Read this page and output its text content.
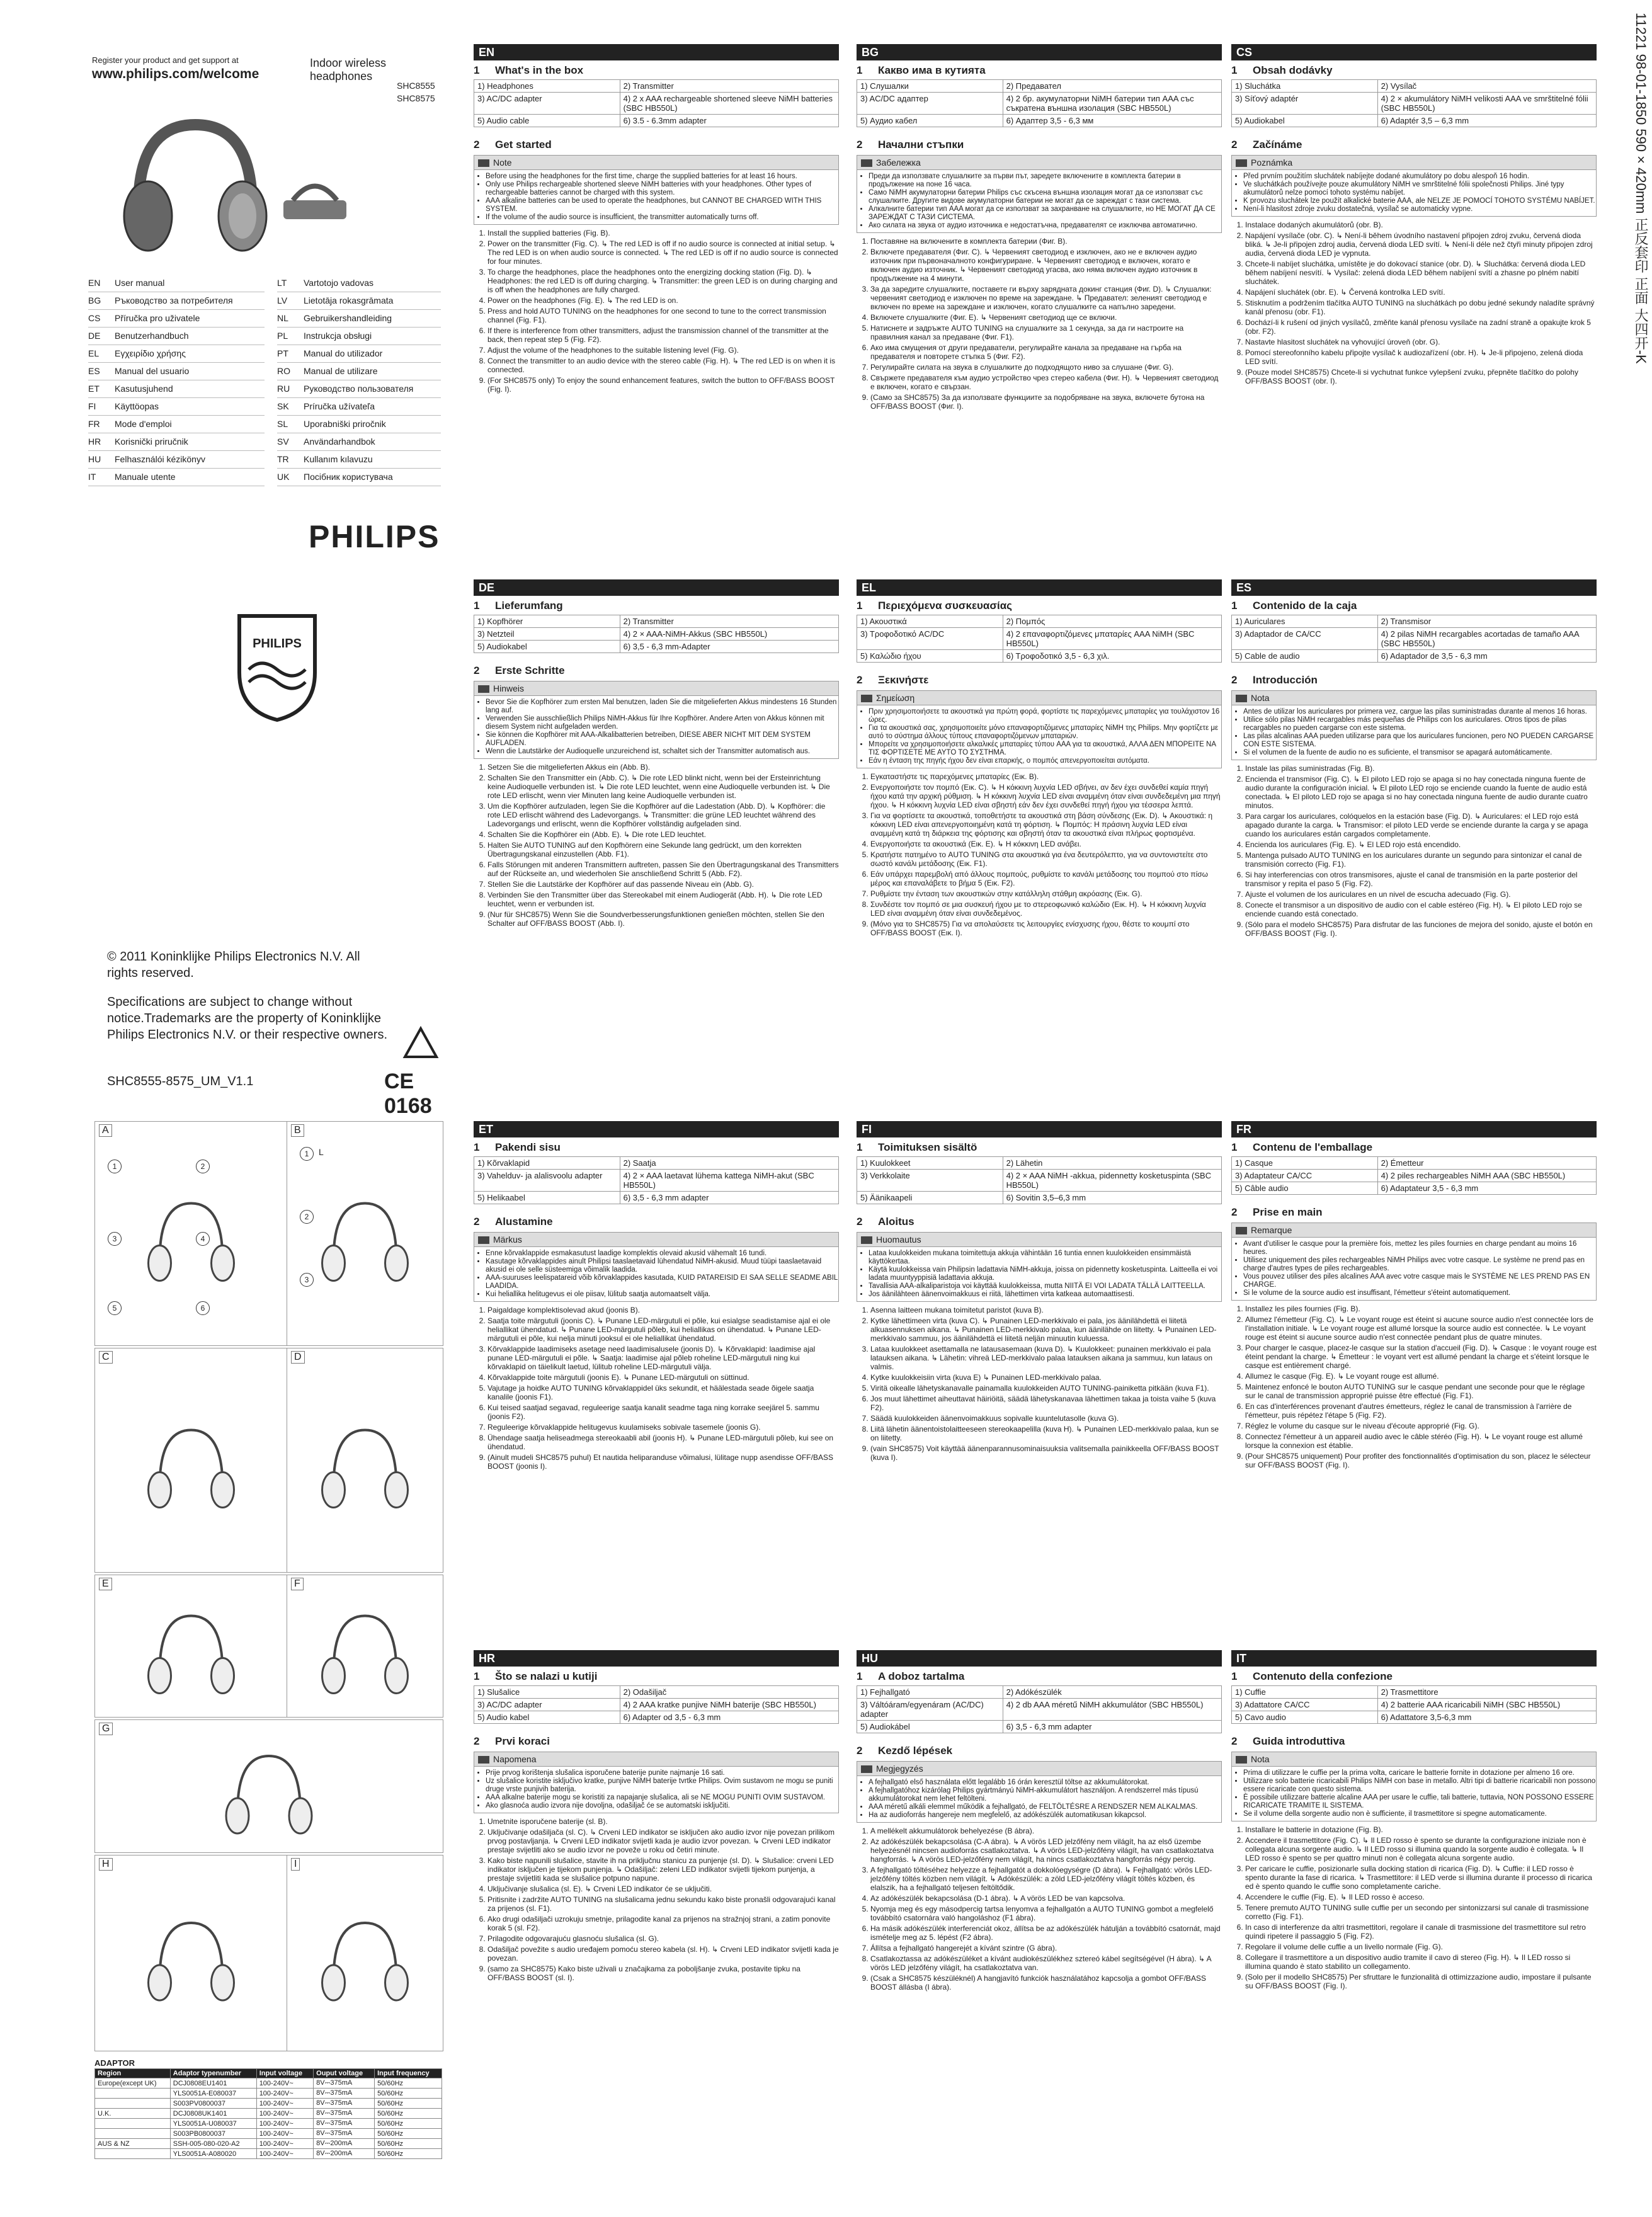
Register your product and get support at
www.philips.com/welcome
Indoor wireless headphones
SHC8555
SHC8575
EN User manual
BG Ръководство за потребителя
CS Příručka pro uživatele
DE Benutzerhandbuch
EL Εγχειρίδιο χρήσης
ES Manual del usuario
ET Kasutusjuhend
FI Käyttöopas
FR Mode d'emploi
HR Korisnički priručnik
HU Felhasználói kézikönyv
IT Manuale utente
LT Vartotojo vadovas
LV Lietotāja rokasgrāmata
NL Gebruikershandleiding
PL Instrukcja obsługi
PT Manual do utilizador
RO Manual de utilizare
RU Руководство пользователя
SK Príručka užívateľa
SL Uporabniški priročnik
SV Användarhandbok
TR Kullanım kılavuzu
UK Посібник користувача
PHILIPS
PHILIPS
© 2011 Koninklijke Philips Electronics N.V. All rights reserved.
Specifications are subject to change without notice.Trademarks are the property of Koninklijke Philips Electronics N.V. or their respective owners.
SHC8555-8575_UM_V1.1	CE 0168
11221 98-01-1850 590×420mm 正反套印 正面 大四开-K
A
1	2
3	4
5	6
B
1
2
3
L
C	D
E	F
G
H	I
ADAPTOR
Region	Adaptor typenumber	Input voltage	Ouput voltage	Input frequency
Europe(except UK)	DCJ0808EU1401	100-240V~	8V⎓375mA	50/60Hz
	YLS0051A-E080037	100-240V~	8V⎓375mA	50/60Hz
	S003PV0800037	100-240V~	8V⎓375mA	50/60Hz
U.K.	DCJ0808UK1401	100-240V~	8V⎓375mA	50/60Hz
	YLS0051A-U080037	100-240V~	8V⎓375mA	50/60Hz
	S003PB0800037	100-240V~	8V⎓375mA	50/60Hz
AUS & NZ	SSH-005-080-020-A2	100-240V~	8V⎓200mA	50/60Hz
	YLS0051A-A080020	100-240V~	8V⎓200mA	50/60Hz
EN
1 What's in the box
1) Headphones	2) Transmitter
3) AC/DC adapter	4) 2 x AAA rechargeable shortened sleeve NiMH batteries (SBC HB550L)
5) Audio cable	6) 3.5 - 6.3mm adapter
2 Get started
Note
• Before using the headphones for the first time, charge the supplied batteries for at least 16 hours.
• Only use Philips rechargeable shortened sleeve NiMH batteries with your headphones. Other types of rechargeable batteries cannot be charged with this system.
• AAA alkaline batteries can be used to operate the headphones, but CANNOT BE CHARGED WITH THIS SYSTEM.
• If the volume of the audio source is insufficient, the transmitter automatically turns off.
1. Install the supplied batteries (Fig. B).
2. Power on the transmitter (Fig. C). ↳ The red LED is off if no audio source is connected at initial setup. ↳ The red LED is on when audio source is connected. ↳ The red LED is off if no audio source is connected for four minutes.
3. To charge the headphones, place the headphones onto the energizing docking station (Fig. D). ↳ Headphones: the red LED is off during charging. ↳ Transmitter: the green LED is on during charging and is off when the headphones are fully charged.
4. Power on the headphones (Fig. E). ↳ The red LED is on.
5. Press and hold AUTO TUNING on the headphones for one second to tune to the correct transmission channel (Fig. F1).
6. If there is interference from other transmitters, adjust the transmission channel of the transmitter at the back, then repeat step 5 (Fig. F2).
7. Adjust the volume of the headphones to the suitable listening level (Fig. G).
8. Connect the transmitter to an audio device with the stereo cable (Fig. H). ↳ The red LED is on when it is connected.
9. (For SHC8575 only) To enjoy the sound enhancement features, switch the button to OFF/BASS BOOST (Fig. I).
BG
1 Какво има в кутията
1) Слушалки	2) Предавател
3) AC/DC адаптер	4) 2 бр. акумулаторни NiMH батерии тип AAA със съкратена външна изолация (SBC HB550L)
5) Аудио кабел	6) Адаптер 3,5 - 6,3 мм
2 Начални стъпки
Забележка
• Преди да използвате слушалките за първи път, заредете включените в комплекта батерии в продължение на поне 16 часа.
• Само NiMH акумулаторни батерии Philips със скъсена външна изолация могат да се използват със слушалките. Другите видове акумулаторни батерии не могат да се зареждат с тази система.
• Алкалните батерии тип AAA могат да се използват за захранване на слушалките, но НЕ МОГАТ ДА СЕ ЗАРЕЖДАТ С ТАЗИ СИСТЕМА.
• Ако силата на звука от аудио източника е недостатъчна, предавателят се изключва автоматично.
1. Поставяне на включените в комплекта батерии (Фиг. B).
2. Включете предавателя (Фиг. C). ↳ Червеният светодиод е изключен, ако не е включен аудио източник при първоначалното конфигуриране. ↳ Червеният светодиод е включен, когато е включен аудио източник. ↳ Червеният светодиод угасва, ако няма включен аудио източник в продължение на 4 минути.
3. За да заредите слушалките, поставете ги върху зарядната докинг станция (Фиг. D). ↳ Слушалки: червеният светодиод е изключен по време на зареждане. ↳ Предавател: зеленият светодиод е включен по време на зареждане и изключен, когато слушалките са напълно заредени.
4. Включете слушалките (Фиг. E). ↳ Червеният светодиод ще се включи.
5. Натиснете и задръжте AUTO TUNING на слушалките за 1 секунда, за да ги настроите на правилния канал за предаване (Фиг. F1).
6. Ако има смущения от други предаватели, регулирайте канала за предаване на гърба на предавателя и повторете стъпка 5 (Фиг. F2).
7. Регулирайте силата на звука в слушалките до подходящото ниво за слушане (Фиг. G).
8. Свържете предавателя към аудио устройство чрез стерео кабела (Фиг. H). ↳ Червеният светодиод е включен, когато е свързан.
9. (Само за SHC8575) За да използвате функциите за подобряване на звука, включете бутона на OFF/BASS BOOST (Фиг. I).
CS
1 Obsah dodávky
1) Sluchátka	2) Vysílač
3) Síťový adaptér	4) 2 × akumulátory NiMH velikosti AAA ve smrštitelné fólii (SBC HB550L)
5) Audiokabel	6) Adaptér 3,5 – 6,3 mm
2 Začínáme
Poznámka
• Před prvním použitím sluchátek nabíjejte dodané akumulátory po dobu alespoň 16 hodin.
• Ve sluchátkách používejte pouze akumulátory NiMH ve smrštitelné fólii společnosti Philips. Jiné typy akumulátorů nelze pomocí tohoto systému nabíjet.
• K provozu sluchátek lze použít alkalické baterie AAA, ale NELZE JE POMOCÍ TOHOTO SYSTÉMU NABÍJET.
• Není-li hlasitost zdroje zvuku dostatečná, vysílač se automaticky vypne.
1. Instalace dodaných akumulátorů (obr. B).
2. Napájení vysílače (obr. C). ↳ Není-li během úvodního nastavení připojen zdroj zvuku, červená dioda bliká. ↳ Je-li připojen zdroj audia, červená dioda LED svítí. ↳ Není-li déle než čtyři minuty připojen zdroj audia, červená dioda LED je vypnuta.
3. Chcete-li nabíjet sluchátka, umístěte je do dokovací stanice (obr. D). ↳ Sluchátka: červená dioda LED během nabíjení nesvítí. ↳ Vysílač: zelená dioda LED během nabíjení svítí a zhasne po plném nabití sluchátek.
4. Napájení sluchátek (obr. E). ↳ Červená kontrolka LED svítí.
5. Stisknutím a podržením tlačítka AUTO TUNING na sluchátkách po dobu jedné sekundy naladíte správný kanál přenosu (obr. F1).
6. Dochází-li k rušení od jiných vysílačů, změňte kanál přenosu vysílače na zadní straně a opakujte krok 5 (obr. F2).
7. Nastavte hlasitost sluchátek na vyhovující úroveň (obr. G).
8. Pomocí stereofonního kabelu připojte vysílač k audiozařízení (obr. H). ↳ Je-li připojeno, zelená dioda LED svítí.
9. (Pouze model SHC8575) Chcete-li si vychutnat funkce vylepšení zvuku, přepněte tlačítko do polohy OFF/BASS BOOST (obr. I).
DE
1 Lieferumfang
1) Kopfhörer	2) Transmitter
3) Netzteil	4) 2 × AAA-NiMH-Akkus (SBC HB550L)
5) Audiokabel	6) 3,5 - 6,3 mm-Adapter
2 Erste Schritte
Hinweis
• Bevor Sie die Kopfhörer zum ersten Mal benutzen, laden Sie die mitgelieferten Akkus mindestens 16 Stunden lang auf.
• Verwenden Sie ausschließlich Philips NiMH-Akkus für Ihre Kopfhörer. Andere Arten von Akkus können mit diesem System nicht aufgeladen werden.
• Sie können die Kopfhörer mit AAA-Alkalibatterien betreiben, DIESE ABER NICHT MIT DEM SYSTEM AUFLADEN.
• Wenn die Lautstärke der Audioquelle unzureichend ist, schaltet sich der Transmitter automatisch aus.
1. Setzen Sie die mitgelieferten Akkus ein (Abb. B).
2. Schalten Sie den Transmitter ein (Abb. C). ↳ Die rote LED blinkt nicht, wenn bei der Ersteinrichtung keine Audioquelle verbunden ist. ↳ Die rote LED leuchtet, wenn eine Audioquelle verbunden ist. ↳ Die rote LED erlischt, wenn vier Minuten lang keine Audioquelle verbunden ist.
3. Um die Kopfhörer aufzuladen, legen Sie die Kopfhörer auf die Ladestation (Abb. D). ↳ Kopfhörer: die rote LED erlischt während des Ladevorgangs. ↳ Transmitter: die grüne LED leuchtet während des Ladevorgangs und erlischt, wenn die Kopfhörer vollständig aufgeladen sind.
4. Schalten Sie die Kopfhörer ein (Abb. E). ↳ Die rote LED leuchtet.
5. Halten Sie AUTO TUNING auf den Kopfhörern eine Sekunde lang gedrückt, um den korrekten Übertragungskanal einzustellen (Abb. F1).
6. Falls Störungen mit anderen Transmittern auftreten, passen Sie den Übertragungskanal des Transmitters auf der Rückseite an, und wiederholen Sie anschließend Schritt 5 (Abb. F2).
7. Stellen Sie die Lautstärke der Kopfhörer auf das passende Niveau ein (Abb. G).
8. Verbinden Sie den Transmitter über das Stereokabel mit einem Audiogerät (Abb. H). ↳ Die rote LED leuchtet, wenn er verbunden ist.
9. (Nur für SHC8575) Wenn Sie die Soundverbesserungsfunktionen genießen möchten, stellen Sie den Schalter auf OFF/BASS BOOST (Abb. I).
EL
1 Περιεχόμενα συσκευασίας
1) Ακουστικά	2) Πομπός
3) Τροφοδοτικό AC/DC	4) 2 επαναφορτιζόμενες μπαταρίες AAA NiMH (SBC HB550L)
5) Καλώδιο ήχου	6) Τροφοδοτικό 3,5 - 6,3 χιλ.
2 Ξεκινήστε
Σημείωση
• Πριν χρησιμοποιήσετε τα ακουστικά για πρώτη φορά, φορτίστε τις παρεχόμενες μπαταρίες για τουλάχιστον 16 ώρες.
• Για τα ακουστικά σας, χρησιμοποιείτε μόνο επαναφορτιζόμενες μπαταρίες NiMH της Philips. Μην φορτίζετε με αυτό το σύστημα άλλους τύπους επαναφορτιζόμενων μπαταριών.
• Μπορείτε να χρησιμοποιήσετε αλκαλικές μπαταρίες τύπου AAA για τα ακουστικά, ΑΛΛΑ ΔΕΝ ΜΠΟΡΕΙΤΕ ΝΑ ΤΙΣ ΦΟΡΤΙΣΕΤΕ ΜΕ ΑΥΤΟ ΤΟ ΣΥΣΤΗΜΑ.
• Εάν η ένταση της πηγής ήχου δεν είναι επαρκής, ο πομπός απενεργοποιείται αυτόματα.
1. Εγκαταστήστε τις παρεχόμενες μπαταρίες (Εικ. B).
2. Ενεργοποιήστε τον πομπό (Εικ. C). ↳ Η κόκκινη λυχνία LED σβήνει, αν δεν έχει συνδεθεί καμία πηγή ήχου κατά την αρχική ρύθμιση. ↳ Η κόκκινη λυχνία LED είναι αναμμένη όταν είναι συνδεδεμένη μια πηγή ήχου. ↳ Η κόκκινη λυχνία LED είναι σβηστή εάν δεν έχει συνδεθεί πηγή ήχου για τέσσερα λεπτά.
3. Για να φορτίσετε τα ακουστικά, τοποθετήστε τα ακουστικά στη βάση σύνδεσης (Εικ. D). ↳ Ακουστικά: η κόκκινη LED είναι απενεργοποιημένη κατά τη φόρτιση. ↳ Πομπός: Η πράσινη λυχνία LED είναι αναμμένη κατά τη διάρκεια της φόρτισης και σβηστή όταν τα ακουστικά είναι πλήρως φορτισμένα.
4. Ενεργοποιήστε τα ακουστικά (Εικ. E). ↳ Η κόκκινη LED ανάβει.
5. Κρατήστε πατημένο το AUTO TUNING στα ακουστικά για ένα δευτερόλεπτο, για να συντονιστείτε στο σωστό κανάλι μετάδοσης (Εικ. F1).
6. Εάν υπάρχει παρεμβολή από άλλους πομπούς, ρυθμίστε το κανάλι μετάδοσης του πομπού στο πίσω μέρος και επαναλάβετε το βήμα 5 (Εικ. F2).
7. Ρυθμίστε την ένταση των ακουστικών στην κατάλληλη στάθμη ακρόασης (Εικ. G).
8. Συνδέστε τον πομπό σε μια συσκευή ήχου με το στερεοφωνικό καλώδιο (Εικ. H). ↳ Η κόκκινη λυχνία LED είναι αναμμένη όταν είναι συνδεδεμένος.
9. (Μόνο για το SHC8575) Για να απολαύσετε τις λειτουργίες ενίσχυσης ήχου, θέστε το κουμπί στο OFF/BASS BOOST (Εικ. I).
ES
1 Contenido de la caja
1) Auriculares	2) Transmisor
3) Adaptador de CA/CC	4) 2 pilas NiMH recargables acortadas de tamaño AAA (SBC HB550L)
5) Cable de audio	6) Adaptador de 3,5 - 6,3 mm
2 Introducción
Nota
• Antes de utilizar los auriculares por primera vez, cargue las pilas suministradas durante al menos 16 horas.
• Utilice sólo pilas NiMH recargables más pequeñas de Philips con los auriculares. Otros tipos de pilas recargables no pueden cargarse con este sistema.
• Las pilas alcalinas AAA pueden utilizarse para que los auriculares funcionen, pero NO PUEDEN CARGARSE CON ESTE SISTEMA.
• Si el volumen de la fuente de audio no es suficiente, el transmisor se apagará automáticamente.
1. Instale las pilas suministradas (Fig. B).
2. Encienda el transmisor (Fig. C). ↳ El piloto LED rojo se apaga si no hay conectada ninguna fuente de audio durante la configuración inicial. ↳ El piloto LED rojo se enciende cuando la fuente de audio está conectada. ↳ El piloto LED rojo se apaga si no hay conectada ninguna fuente de audio durante cuatro minutos.
3. Para cargar los auriculares, colóquelos en la estación base (Fig. D). ↳ Auriculares: el LED rojo está apagado durante la carga. ↳ Transmisor: el piloto LED verde se enciende durante la carga y se apaga cuando los auriculares están cargados completamente.
4. Encienda los auriculares (Fig. E). ↳ El LED rojo está encendido.
5. Mantenga pulsado AUTO TUNING en los auriculares durante un segundo para sintonizar el canal de transmisión correcto (Fig. F1).
6. Si hay interferencias con otros transmisores, ajuste el canal de transmisión en la parte posterior del transmisor y repita el paso 5 (Fig. F2).
7. Ajuste el volumen de los auriculares en un nivel de escucha adecuado (Fig. G).
8. Conecte el transmisor a un dispositivo de audio con el cable estéreo (Fig. H). ↳ El piloto LED rojo se enciende cuando está conectado.
9. (Sólo para el modelo SHC8575) Para disfrutar de las funciones de mejora del sonido, ajuste el botón en OFF/BASS BOOST (Fig. I).
ET
1 Pakendi sisu
1) Kõrvaklapid	2) Saatja
3) Vahelduv- ja alalisvoolu adapter	4) 2 × AAA laetavat lühema kattega NiMH-akut (SBC HB550L)
5) Helikaabel	6) 3,5 - 6,3 mm adapter
2 Alustamine
Märkus
• Enne kõrvaklappide esmakasutust laadige komplektis olevaid akusid vähemalt 16 tundi.
• Kasutage kõrvaklappides ainult Philipsi taaslaetavaid lühendatud NiMH-akusid. Muud tüüpi taaslaetavaid akusid ei ole selle süsteemiga võimalik laadida.
• AAA-suuruses leelispatareid võib kõrvaklappides kasutada, KUID PATAREISID EI SAA SELLE SEADME ABIL LAADIDA.
• Kui heliallika helitugevus ei ole piisav, lülitub saatja automaatselt välja.
1. Paigaldage komplektisolevad akud (joonis B).
2. Saatja toite märgutuli (joonis C). ↳ Punane LED-märgutuli ei põle, kui esialgse seadistamise ajal ei ole heliallikat ühendatud. ↳ Punane LED-märgutuli põleb, kui heliallikas on ühendatud. ↳ Punane LED-märgutuli ei põle, kui nelja minuti jooksul ei ole heliallikat ühendatud.
3. Kõrvaklappide laadimiseks asetage need laadimisalusele (joonis D). ↳ Kõrvaklapid: laadimise ajal punane LED-märgutuli ei põle. ↳ Saatja: laadimise ajal põleb roheline LED-märgutuli ning kui kõrvaklapid on täielikult laetud, lülitub roheline LED-märgutuli välja.
4. Kõrvaklappide toite märgutuli (joonis E). ↳ Punane LED-märgutuli on süttinud.
5. Vajutage ja hoidke AUTO TUNING kõrvaklappidel üks sekundit, et häälestada seade õigele saatja kanalile (joonis F1).
6. Kui teised saatjad segavad, reguleerige saatja kanalit seadme taga ning korrake seejärel 5. sammu (joonis F2).
7. Reguleerige kõrvaklappide helitugevus kuulamiseks sobivale tasemele (joonis G).
8. Ühendage saatja heliseadmega stereokaabli abil (joonis H). ↳ Punane LED-märgutuli põleb, kui see on ühendatud.
9. (Ainult mudeli SHC8575 puhul) Et nautida heliparanduse võimalusi, lülitage nupp asendisse OFF/BASS BOOST (joonis I).
FI
1 Toimituksen sisältö
1) Kuulokkeet	2) Lähetin
3) Verkkolaite	4) 2 × AAA NiMH -akkua, pidennetty kosketuspinta (SBC HB550L)
5) Äänikaapeli	6) Sovitin 3,5–6,3 mm
2 Aloitus
Huomautus
• Lataa kuulokkeiden mukana toimitettuja akkuja vähintään 16 tuntia ennen kuulokkeiden ensimmäistä käyttökertaa.
• Käytä kuulokkeissa vain Philipsin ladattavia NiMH-akkuja, joissa on pidennetty kosketuspinta. Laitteella ei voi ladata muuntyyppisiä ladattavia akkuja.
• Tavallisia AAA-alkaliparistoja voi käyttää kuulokkeissa, mutta NIITÄ EI VOI LADATA TÄLLÄ LAITTEELLA.
• Jos äänilähteen äänenvoimakkuus ei riitä, lähettimen virta katkeaa automaattisesti.
1. Asenna laitteen mukana toimitetut paristot (kuva B).
2. Kytke lähettimeen virta (kuva C). ↳ Punainen LED-merkkivalo ei pala, jos äänilähdettä ei liitetä alkuasennuksen aikana. ↳ Punainen LED-merkkivalo palaa, kun äänilähde on liitetty. ↳ Punainen LED-merkkivalo sammuu, jos äänilähdettä ei liitetä neljän minuutin kuluessa.
3. Lataa kuulokkeet asettamalla ne latausasemaan (kuva D). ↳ Kuulokkeet: punainen merkkivalo ei pala latauksen aikana. ↳ Lähetin: vihreä LED-merkkivalo palaa latauksen aikana ja sammuu, kun lataus on valmis.
4. Kytke kuulokkeisiin virta (kuva E) ↳ Punainen LED-merkkivalo palaa.
5. Viritä oikealle lähetyskanavalle painamalla kuulokkeiden AUTO TUNING-painiketta pitkään (kuva F1).
6. Jos muut lähettimet aiheuttavat häiriöitä, säädä lähetyskanavaa lähettimen takaa ja toista vaihe 5 (kuva F2).
7. Säädä kuulokkeiden äänenvoimakkuus sopivalle kuuntelutasolle (kuva G).
8. Liitä lähetin äänentoistolaitteeseen stereokaapelilla (kuva H). ↳ Punainen LED-merkkivalo palaa, kun se on liitetty.
9. (vain SHC8575) Voit käyttää äänenparannusominaisuuksia valitsemalla painikkeella OFF/BASS BOOST (kuva I).
FR
1 Contenu de l'emballage
1) Casque	2) Émetteur
3) Adaptateur CA/CC	4) 2 piles rechargeables NiMH AAA (SBC HB550L)
5) Câble audio	6) Adaptateur 3,5 - 6,3 mm
2 Prise en main
Remarque
• Avant d'utiliser le casque pour la première fois, mettez les piles fournies en charge pendant au moins 16 heures.
• Utilisez uniquement des piles rechargeables NiMH Philips avec votre casque. Le système ne prend pas en charge d'autres types de piles rechargeables.
• Vous pouvez utiliser des piles alcalines AAA avec votre casque mais le SYSTÈME NE LES PREND PAS EN CHARGE.
• Si le volume de la source audio est insuffisant, l'émetteur s'éteint automatiquement.
1. Installez les piles fournies (Fig. B).
2. Allumez l'émetteur (Fig. C). ↳ Le voyant rouge est éteint si aucune source audio n'est connectée lors de l'installation initiale. ↳ Le voyant rouge est allumé lorsque la source audio est connectée. ↳ Le voyant rouge est éteint si aucune source audio n'est connectée pendant plus de quatre minutes.
3. Pour charger le casque, placez-le casque sur la station d'accueil (Fig. D). ↳ Casque : le voyant rouge est éteint pendant la charge. ↳ Émetteur : le voyant vert est allumé pendant la charge et s'éteint lorsque le casque est entièrement chargé.
4. Allumez le casque (Fig. E). ↳ Le voyant rouge est allumé.
5. Maintenez enfoncé le bouton AUTO TUNING sur le casque pendant une seconde pour que le réglage sur le canal de transmission approprié puisse être effectué (Fig. F1).
6. En cas d'interférences provenant d'autres émetteurs, réglez le canal de transmission à l'arrière de l'émetteur, puis répétez l'étape 5 (Fig. F2).
7. Réglez le volume du casque sur le niveau d'écoute approprié (Fig. G).
8. Connectez l'émetteur à un appareil audio avec le câble stéréo (Fig. H). ↳ Le voyant rouge est allumé lorsque la connexion est établie.
9. (Pour SHC8575 uniquement) Pour profiter des fonctionnalités d'optimisation du son, placez le sélecteur sur OFF/BASS BOOST (Fig. I).
HR
1 Što se nalazi u kutiji
1) Slušalice	2) Odašiljač
3) AC/DC adapter	4) 2 AAA kratke punjive NiMH baterije (SBC HB550L)
5) Audio kabel	6) Adapter od 3,5 - 6,3 mm
2 Prvi koraci
Napomena
• Prije prvog korištenja slušalica isporučene baterije punite najmanje 16 sati.
• Uz slušalice koristite isključivo kratke, punjive NiMH baterije tvrtke Philips. Ovim sustavom ne mogu se puniti druge vrste punjivih baterija.
• AAA alkalne baterije mogu se koristiti za napajanje slušalica, ali se NE MOGU PUNITI OVIM SUSTAVOM.
• Ako glasnoća audio izvora nije dovoljna, odašiljač će se automatski isključiti.
1. Umetnite isporučene baterije (sl. B).
2. Uključivanje odašiljača (sl. C). ↳ Crveni LED indikator se isključen ako audio izvor nije povezan prilikom prvog postavljanja. ↳ Crveni LED indikator svijetli kada je audio izvor povezan. ↳ Crveni LED indikator prestaje svijetliti ako se audio izvor ne poveže u roku od četiri minute.
3. Kako biste napunili slušalice, stavite ih na priključnu stanicu za punjenje (sl. D). ↳ Slušalice: crveni LED indikator isključen je tijekom punjenja. ↳ Odašiljač: zeleni LED indikator svijetli tijekom punjenja, a prestaje svijetliti kada se slušalice potpuno napune.
4. Uključivanje slušalica (sl. E). ↳ Crveni LED indikator će se uključiti.
5. Pritisnite i zadržite AUTO TUNING na slušalicama jednu sekundu kako biste pronašli odgovarajući kanal za prijenos (sl. F1).
6. Ako drugi odašiljači uzrokuju smetnje, prilagodite kanal za prijenos na stražnjoj strani, a zatim ponovite korak 5 (sl. F2).
7. Prilagodite odgovarajuću glasnoću slušalica (sl. G).
8. Odašiljač povežite s audio uređajem pomoću stereo kabela (sl. H). ↳ Crveni LED indikator svijetli kada je povezan.
9. (samo za SHC8575) Kako biste uživali u značajkama za poboljšanje zvuka, postavite tipku na OFF/BASS BOOST (sl. I).
HU
1 A doboz tartalma
1) Fejhallgató	2) Adókészülék
3) Váltóáram/egyenáram (AC/DC) adapter	4) 2 db AAA méretű NiMH akkumulátor (SBC HB550L)
5) Audiokábel	6) 3,5 - 6,3 mm adapter
2 Kezdő lépések
Megjegyzés
• A fejhallgató első használata előtt legalább 16 órán keresztül töltse az akkumulátorokat.
• A fejhallgatóhoz kizárólag Philips gyártmányú NiMH-akkumulátort használjon. A rendszerrel más típusú akkumulátorokat nem lehet feltölteni.
• AAA méretű alkáli elemmel működik a fejhallgató, de FELTÖLTÉSRE A RENDSZER NEM ALKALMAS.
• Ha az audioforrás hangereje nem megfelelő, az adókészülék automatikusan kikapcsol.
1. A mellékelt akkumulátorok behelyezése (B ábra).
2. Az adókészülék bekapcsolása (C-A ábra). ↳ A vörös LED jelzőfény nem világít, ha az első üzembe helyezésnél nincsen audioforrás csatlakoztatva. ↳ A vörös LED-jelzőfény világít, ha van csatlakoztatva hangforrás. ↳ A vörös LED-jelzőfény nem világít, ha nincs csatlakoztatva hangforrás négy percig.
3. A fejhallgató töltéséhez helyezze a fejhallgatót a dokkolóegységre (D ábra). ↳ Fejhallgató: vörös LED-jelzőfény töltés közben nem világít. ↳ Adókészülék: a zöld LED-jelzőfény világít töltés közben, és elalszik, ha a fejhallgató teljesen feltöltődik.
4. Az adókészülék bekapcsolása (D-1 ábra). ↳ A vörös LED be van kapcsolva.
5. Nyomja meg és egy másodpercig tartsa lenyomva a fejhallgatón a AUTO TUNING gombot a megfelelő továbbító csatornára való hangoláshoz (F1 ábra).
6. Ha másik adókészülék interferenciát okoz, állítsa be az adókészülék hátulján a továbbító csatornát, majd ismételje meg az 5. lépést (F2 ábra).
7. Állítsa a fejhallgató hangerejét a kívánt szintre (G ábra).
8. Csatlakoztassa az adókészüléket a kívánt audiokészülékhez sztereó kábel segítségével (H ábra). ↳ A vörös LED jelzőfény világít, ha csatlakoztatva van.
9. (Csak a SHC8575 készüléknél) A hangjavító funkciók használatához kapcsolja a gombot OFF/BASS BOOST állásba (I ábra).
IT
1 Contenuto della confezione
1) Cuffie	2) Trasmettitore
3) Adattatore CA/CC	4) 2 batterie AAA ricaricabili NiMH (SBC HB550L)
5) Cavo audio	6) Adattatore 3,5-6,3 mm
2 Guida introduttiva
Nota
• Prima di utilizzare le cuffie per la prima volta, caricare le batterie fornite in dotazione per almeno 16 ore.
• Utilizzare solo batterie ricaricabili Philips NiMH con base in metallo. Altri tipi di batterie ricaricabili non possono essere ricaricate con questo sistema.
• È possibile utilizzare batterie alcaline AAA per usare le cuffie, tali batterie, tuttavia, NON POSSONO ESSERE RICARICATE TRAMITE IL SISTEMA.
• Se il volume della sorgente audio non è sufficiente, il trasmettitore si spegne automaticamente.
1. Installare le batterie in dotazione (Fig. B).
2. Accendere il trasmettitore (Fig. C). ↳ Il LED rosso è spento se durante la configurazione iniziale non è collegata alcuna sorgente audio. ↳ Il LED rosso si illumina quando la sorgente audio è collegata. ↳ Il LED rosso è spento se per quattro minuti non è collegata alcuna sorgente audio.
3. Per caricare le cuffie, posizionarle sulla docking station di ricarica (Fig. D). ↳ Cuffie: il LED rosso è spento durante la fase di ricarica. ↳ Trasmettitore: il LED verde si illumina durante il processo di ricarica ed è spento quando le cuffie sono completamente cariche.
4. Accendere le cuffie (Fig. E). ↳ Il LED rosso è acceso.
5. Tenere premuto AUTO TUNING sulle cuffie per un secondo per sintonizzarsi sul canale di trasmissione corretto (Fig. F1).
6. In caso di interferenze da altri trasmettitori, regolare il canale di trasmissione del trasmettitore sul retro quindi ripetere il passaggio 5 (Fig. F2).
7. Regolare il volume delle cuffie a un livello normale (Fig. G).
8. Collegare il trasmettitore a un dispositivo audio tramite il cavo di stereo (Fig. H). ↳ Il LED rosso si illumina quando è stato stabilito un collegamento.
9. (Solo per il modello SHC8575) Per sfruttare le funzionalità di ottimizzazione audio, impostare il pulsante su OFF/BASS BOOST (Fig. I).
